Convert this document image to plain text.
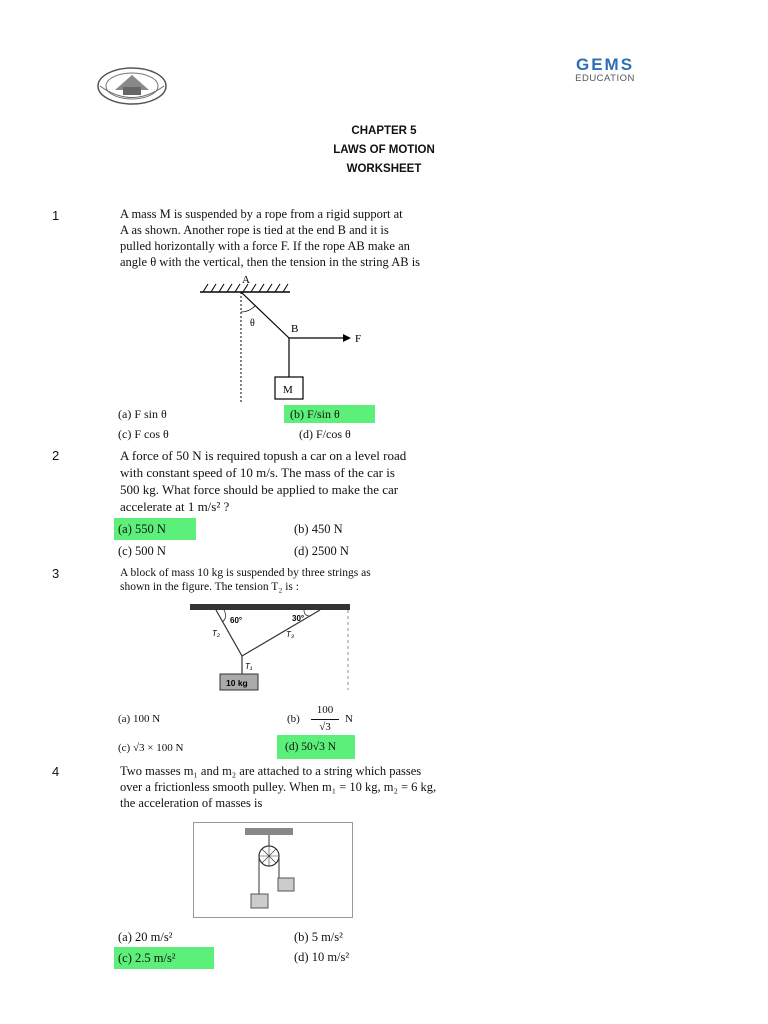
GEMS
EDUCATION
CHAPTER 5
LAWS OF MOTION
WORKSHEET
1	A mass M is suspended by a rope from a rigid support at
A as shown. Another rope is tied at the end B and it is
pulled horizontally with a force F. If the rope AB make an
angle θ with the vertical, then the tension in the string AB is
A
θ	B
F
M
(a) F sin θ	(b) F/sin θ
(c) F cos θ	(d) F/cos θ
2	A force of 50 N is required topush a car on a level road
with constant speed of 10 m/s. The mass of the car is
500 kg. What force should be applied to make the car
accelerate at 1 m/s² ?
(a) 550 N	(b) 450 N
(c) 500 N	(d) 2500 N
3	A block of mass 10 kg is suspended by three strings as
shown in the figure. The tension T₂ is :
60°	30°
T₂	T₃
T₁
10 kg
(a) 100 N	(b)
100
√3
N
(c) √3 × 100 N	(d) 50√3 N
4	Two masses m₁ and m₂ are attached to a string which passes
over a frictionless smooth pulley. When m₁ = 10 kg, m₂ = 6 kg,
the acceleration of masses is
(a) 20 m/s²	(b) 5 m/s²
(c) 2.5 m/s²	(d) 10 m/s²
